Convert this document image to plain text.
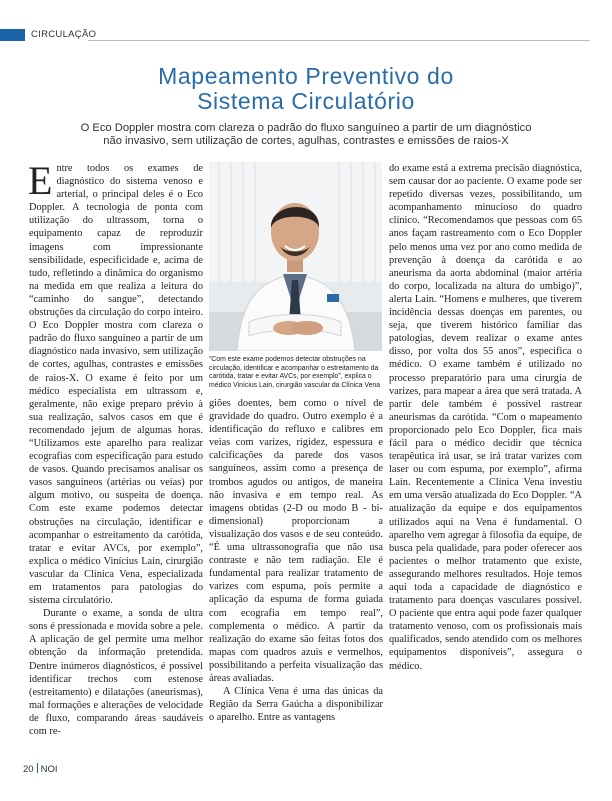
CIRCULAÇÃO
Mapeamento Preventivo do
Sistema Circulatório
O Eco Doppler mostra com clareza o padrão do fluxo sanguíneo a partir de um diagnóstico
não invasivo, sem utilização de cortes, agulhas, contrastes e emissões de raios-X

Entre todos os exames de diagnóstico do sistema venoso e arterial, o principal deles é o Eco Doppler. A tecnologia de ponta com utilização do ultrassom, torna o equipamento capaz de reproduzir imagens com impressionante sensibilidade, especificidade e, acima de tudo, refletindo a dinâmica do organismo na medida em que realiza a leitura do “caminho do sangue”, detectando obstruções da circulação do corpo inteiro. O Eco Doppler mostra com clareza o padrão do fluxo sanguíneo a partir de um diagnóstico nada invasivo, sem utilização de cortes, agulhas, contrastes e emissões de raios-X. O exame é feito por um médico especialista em ultrassom e, geralmente, não exige preparo prévio à sua realização, salvos casos em que é recomendado jejum de algumas horas. “Utilizamos este aparelho para realizar ecografias com especificação para estudo de vasos. Quando precisamos analisar os vasos sanguíneos (artérias ou veias) por algum motivo, ou suspeita de doença. Com este exame podemos detectar obstruções na circulação, identificar e acompanhar o estreitamento da carótida, tratar e evitar AVCs, por exemplo”, explica o médico Vinícius Lain, cirurgião vascular da Clínica Vena, especializada em tratamentos para patologias do sistema circulatório.

Durante o exame, a sonda de ultra sons é pressionada e movida sobre a pele. A aplicação de gel permite uma melhor obtenção da informação pretendida. Dentre inúmeros diagnósticos, é possível identificar trechos com estenose (estreitamento) e dilatações (aneurismas), mal formações e alterações de velocidade de fluxo, comparando áreas saudáveis com re-

“Com este exame podemos detectar obstruções na circulação, identificar e acompanhar o estreitamento da carótida, tratar e evitar AVCs, por exemplo”, explica o médico Vinícius Lain, cirurgião vascular da Clínica Vena

giões doentes, bem como o nível de gravidade do quadro. Outro exemplo é a identificação do refluxo e calibres em veias com varizes, rigidez, espessura e calcificações da parede dos vasos sanguíneos, assim como a presença de trombos agudos ou antigos, de maneira não invasiva e em tempo real. As imagens obtidas (2-D ou modo B - bi-dimensional) proporcionam a visualização dos vasos e de seu conteúdo. “É uma ultrassonografia que não usa contraste e não tem radiação. Ele é fundamental para realizar tratamento de varizes com espuma, pois permite a aplicação da espuma de forma guiada com ecografia em tempo real”, complementa o médico. A partir da realização do exame são feitas fotos dos mapas com quadros azuis e vermelhos, possibilitando a perfeita visualização das áreas avaliadas.

A Clínica Vena é uma das únicas da Região da Serra Gaúcha a disponibilizar o aparelho. Entre as vantagens

do exame está a extrema precisão diagnóstica, sem causar dor ao paciente. O exame pode ser repetido diversas vezes, possibilitando, um acompanhamento minucioso do quadro clínico. “Recomendamos que pessoas com 65 anos façam rastreamento com o Eco Doppler pelo menos uma vez por ano como medida de prevenção à doença da carótida e ao aneurisma da aorta abdominal (maior artéria do corpo, localizada na altura do umbigo)”, alerta Lain. “Homens e mulheres, que tiverem incidência dessas doenças em parentes, ou seja, que tiverem histórico familiar das patologias, devem realizar o exame antes disso, por volta dos 55 anos”, especifica o médico. O exame também é utilizado no processo preparatório para uma cirurgia de varizes, para mapear a área que será tratada. A partir dele também é possível rastrear aneurismas da carótida. “Com o mapeamento proporcionado pelo Eco Doppler, fica mais fácil para o médico decidir que técnica terapêutica irá usar, se irá tratar varizes com laser ou com espuma, por exemplo”, afirma Lain. Recentemente a Clínica Vena investiu em uma versão atualizada do Eco Doppler. “A atualização da equipe e dos equipamentos utilizados aqui na Vena é fundamental. O aparelho vem agregar à filosofia da equipe, de busca pela qualidade, para poder oferecer aos pacientes o melhor tratamento que existe, assegurando melhores resultados. Hoje temos aqui toda a capacidade de diagnóstico e tratamento para doenças vasculares possível. O paciente que entra aqui pode fazer qualquer tratamento venoso, com os profissionais mais qualificados, sendo atendido com os melhores equipamentos disponíveis”, assegura o médico.

20 NOI
